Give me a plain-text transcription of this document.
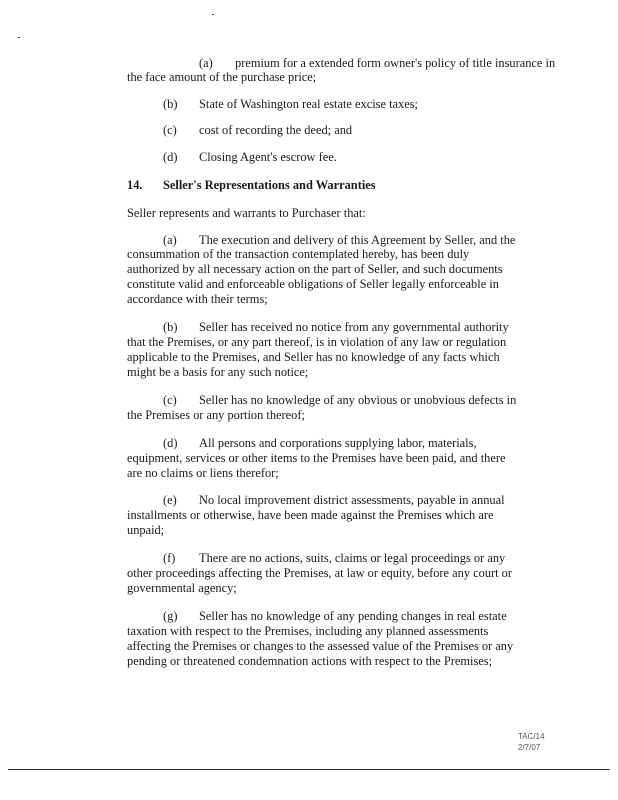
(a) premium for a extended form owner's policy of title insurance in
the face amount of the purchase price;
(b) State of Washington real estate excise taxes;
(c) cost of recording the deed; and
(d) Closing Agent's escrow fee.
14. Seller's Representations and Warranties
Seller represents and warrants to Purchaser that:
(a) The execution and delivery of this Agreement by Seller, and the
consummation of the transaction contemplated hereby, has been duly
authorized by all necessary action on the part of Seller, and such documents
constitute valid and enforceable obligations of Seller legally enforceable in
accordance with their terms;
(b) Seller has received no notice from any governmental authority
that the Premises, or any part thereof, is in violation of any law or regulation
applicable to the Premises, and Seller has no knowledge of any facts which
might be a basis for any such notice;
(c) Seller has no knowledge of any obvious or unobvious defects in
the Premises or any portion thereof;
(d) All persons and corporations supplying labor, materials,
equipment, services or other items to the Premises have been paid, and there
are no claims or liens therefor;
(e) No local improvement district assessments, payable in annual
installments or otherwise, have been made against the Premises which are
unpaid;
(f) There are no actions, suits, claims or legal proceedings or any
other proceedings affecting the Premises, at law or equity, before any court or
governmental agency;
(g) Seller has no knowledge of any pending changes in real estate
taxation with respect to the Premises, including any planned assessments
affecting the Premises or changes to the assessed value of the Premises or any
pending or threatened condemnation actions with respect to the Premises;
TAC/14
2/7/07
